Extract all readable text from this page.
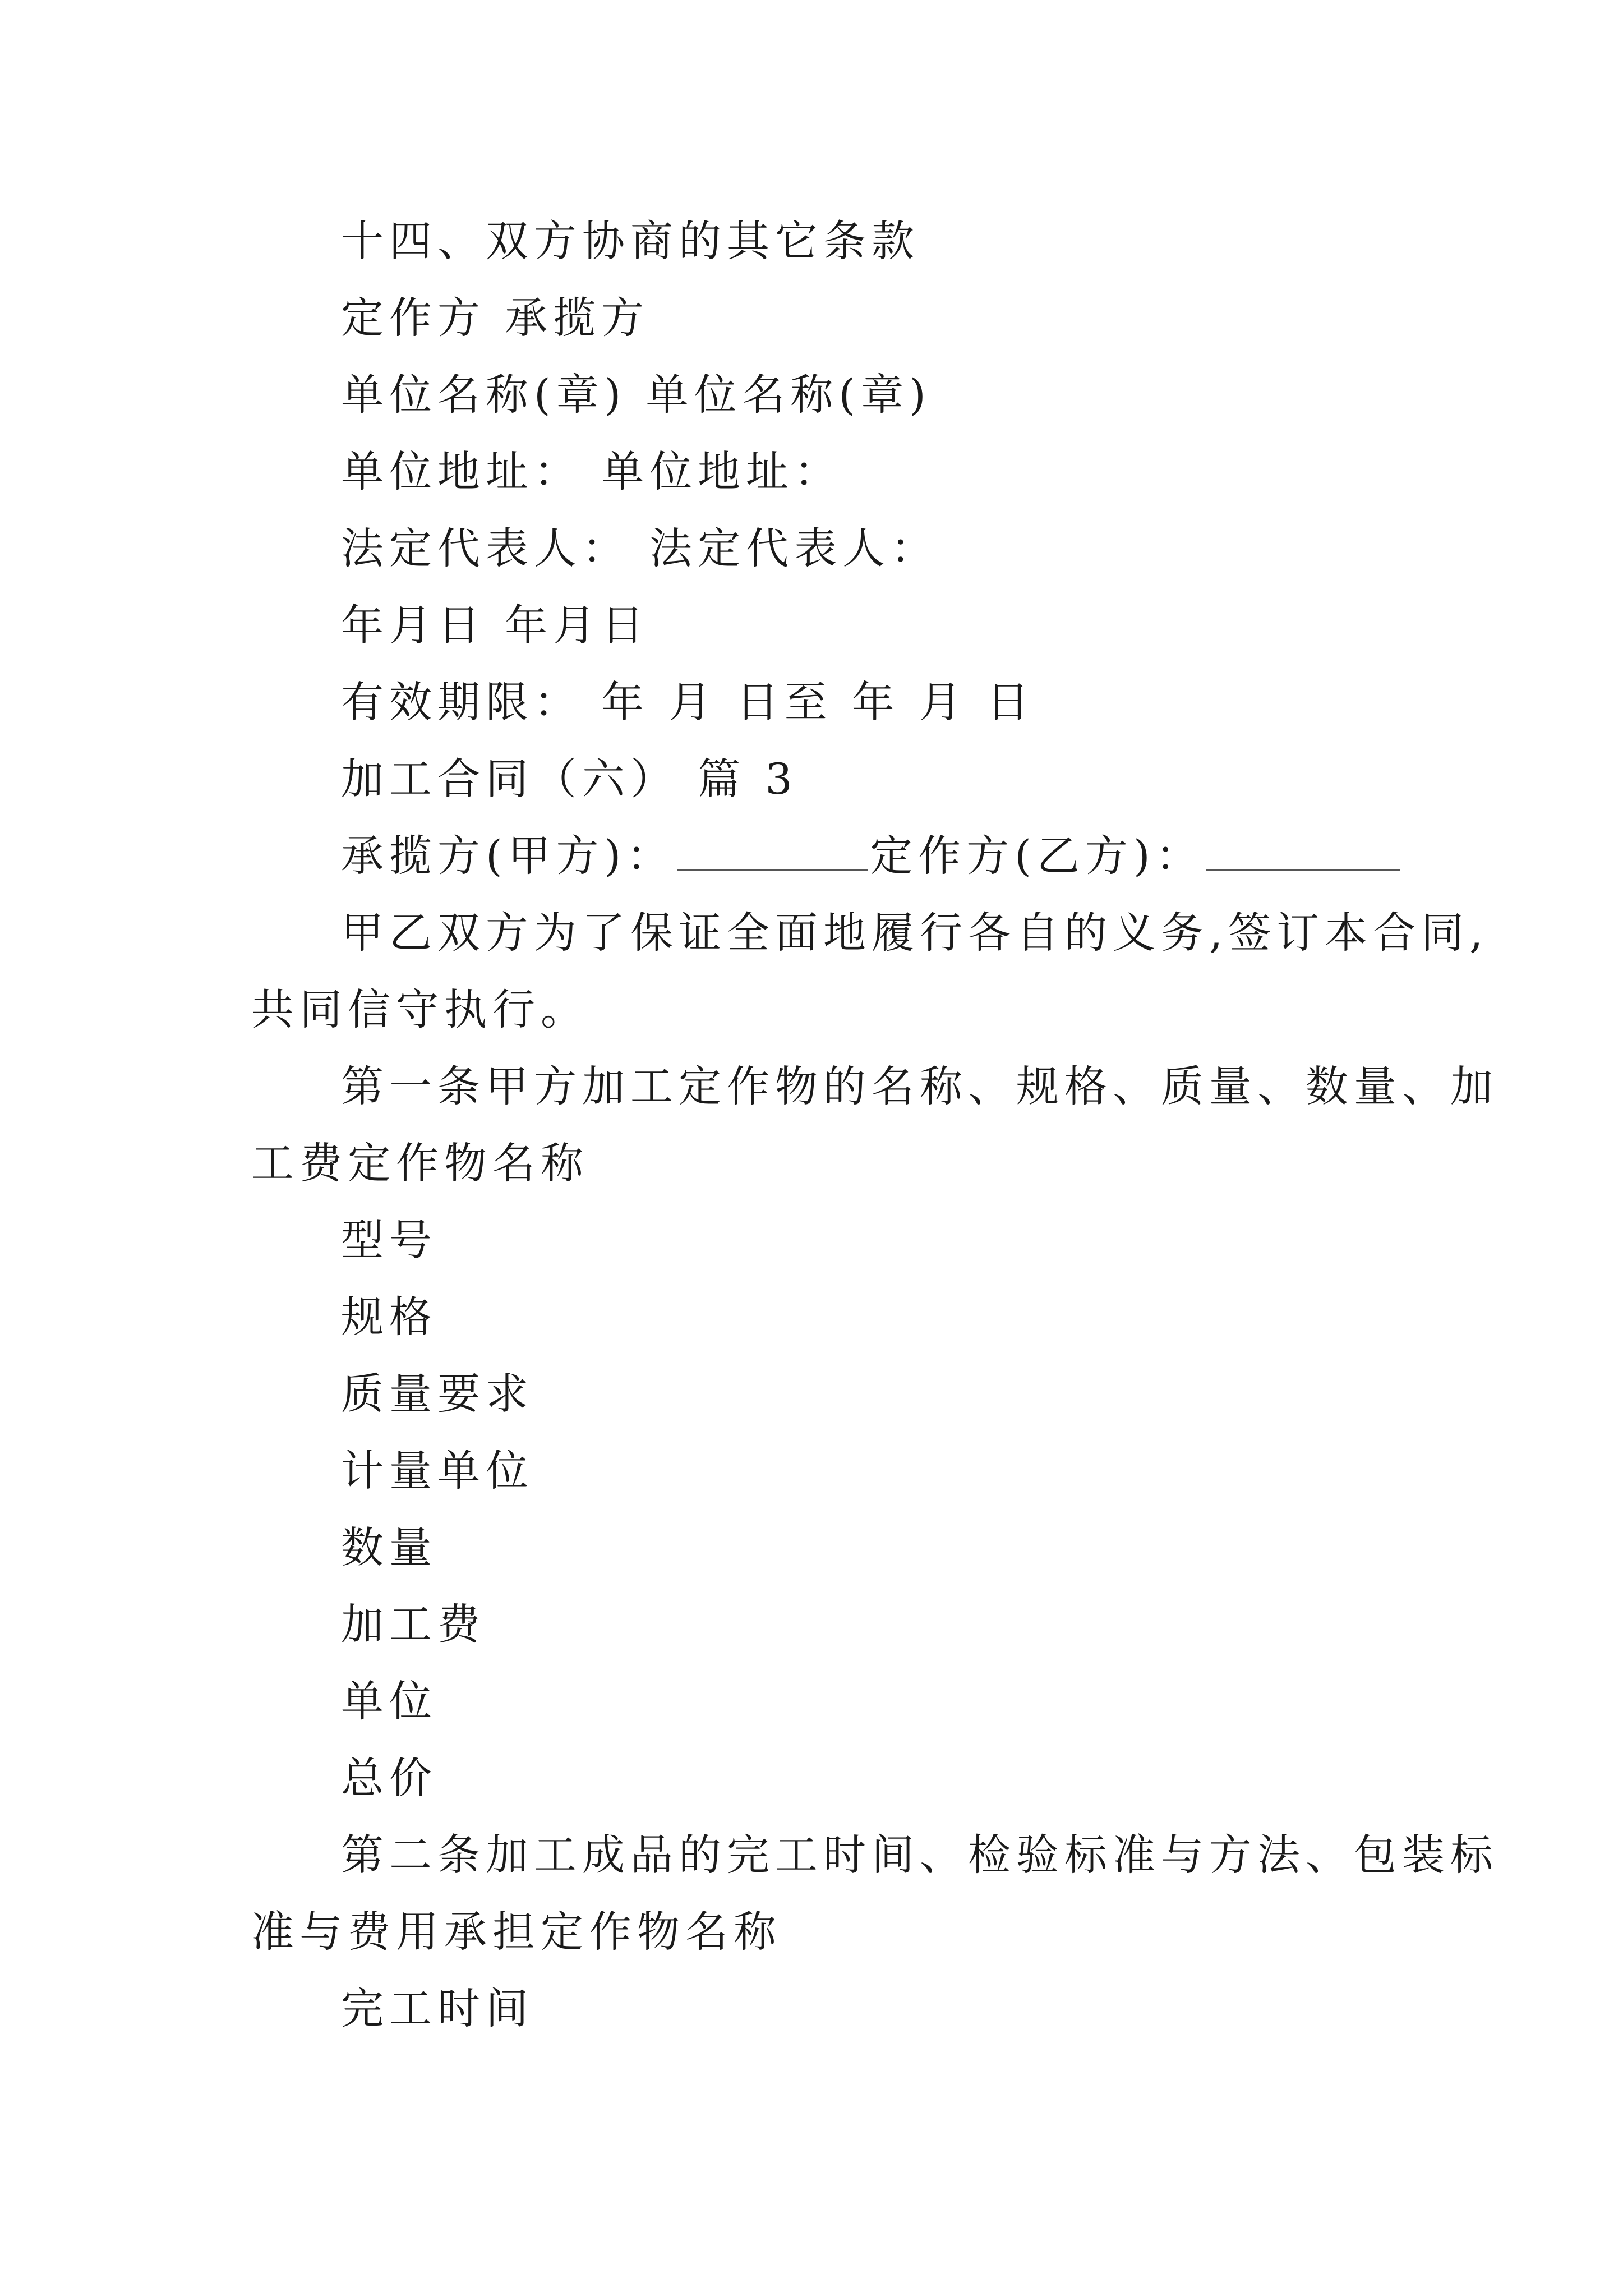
十四、双方协商的其它条款
定作方 承揽方
单位名称(章) 单位名称(章)
单位地址： 单位地址：
法定代表人： 法定代表人：
年月日 年月日
有效期限： 年 月 日至 年 月 日
加工合同（六） 篇 3
承揽方(甲方)：	定作方(乙方)：
甲乙双方为了保证全面地履行各自的义务,签订本合同,
共同信守执行。
第一条甲方加工定作物的名称、规格、质量、数量、加
工费定作物名称
型号
规格
质量要求
计量单位
数量
加工费
单位
总价
第二条加工成品的完工时间、检验标准与方法、包装标
准与费用承担定作物名称
完工时间
